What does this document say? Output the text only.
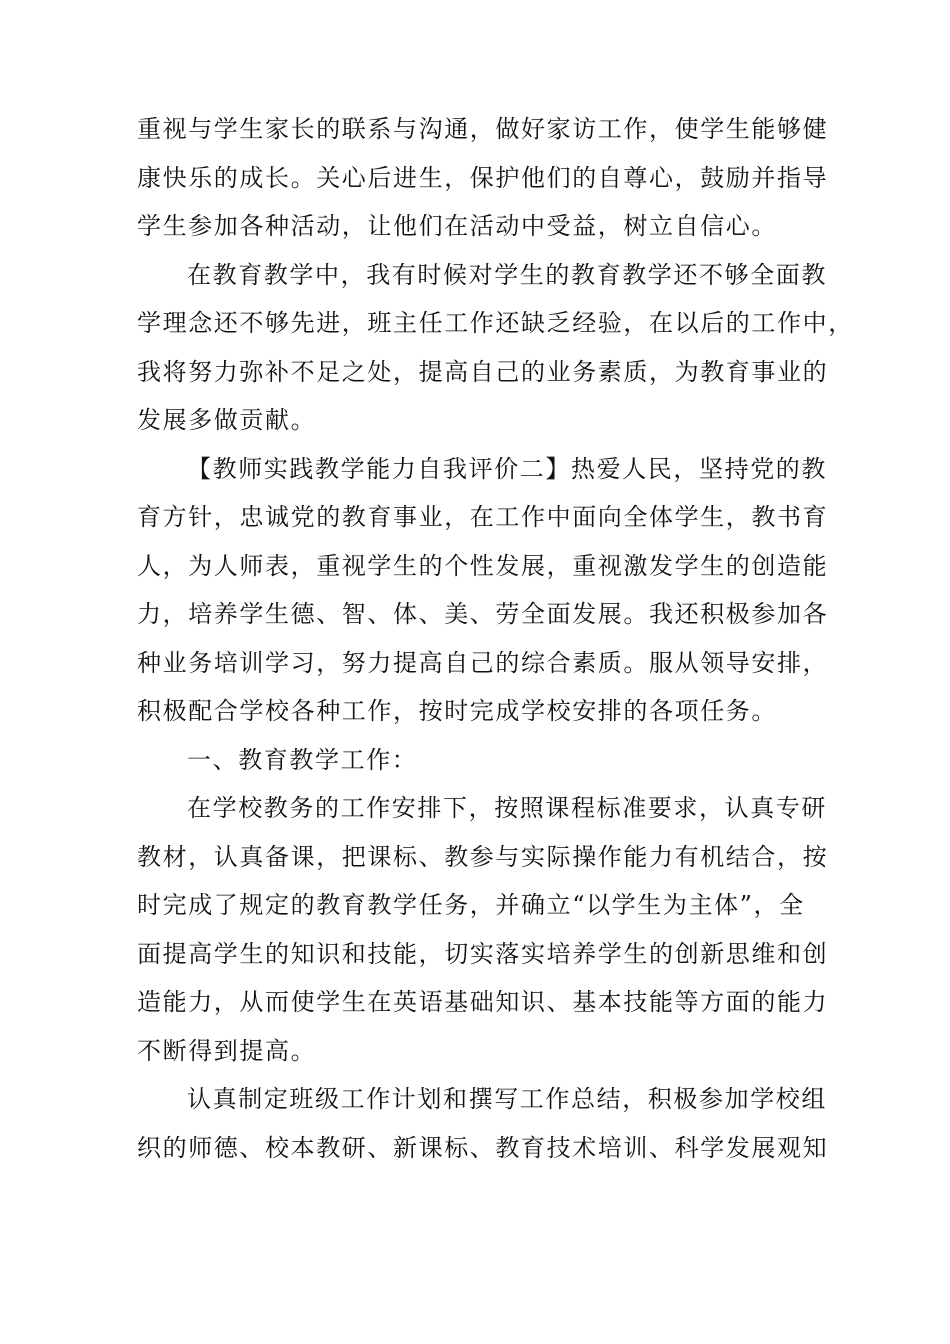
重视与学生家长的联系与沟通，做好家访工作，使学生能够健
康快乐的成长。关心后进生，保护他们的自尊心，鼓励并指导
学生参加各种活动，让他们在活动中受益，树立自信心。

在教育教学中，我有时候对学生的教育教学还不够全面教
学理念还不够先进，班主任工作还缺乏经验，在以后的工作中，
我将努力弥补不足之处，提高自己的业务素质，为教育事业的
发展多做贡献。

【教师实践教学能力自我评价二】热爱人民，坚持党的教
育方针，忠诚党的教育事业，在工作中面向全体学生，教书育
人，为人师表，重视学生的个性发展，重视激发学生的创造能
力，培养学生德、智、体、美、劳全面发展。我还积极参加各
种业务培训学习，努力提高自己的综合素质。服从领导安排，
积极配合学校各种工作，按时完成学校安排的各项任务。

一、教育教学工作：

在学校教务的工作安排下，按照课程标准要求，认真专研
教材，认真备课，把课标、教参与实际操作能力有机结合，按
时完成了规定的教育教学任务，并确立“以学生为主体”，全
面提高学生的知识和技能，切实落实培养学生的创新思维和创
造能力，从而使学生在英语基础知识、基本技能等方面的能力
不断得到提高。

认真制定班级工作计划和撰写工作总结，积极参加学校组
织的师德、校本教研、新课标、教育技术培训、科学发展观知
